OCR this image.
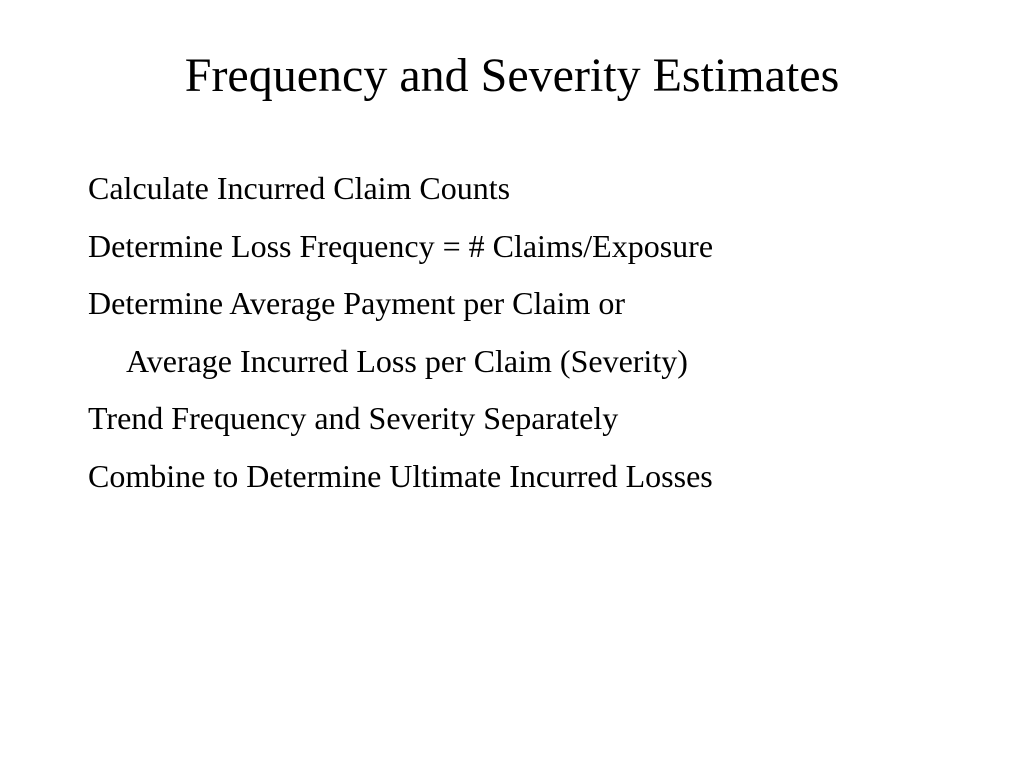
Frequency and Severity Estimates
Calculate Incurred Claim Counts
Determine Loss Frequency = # Claims/Exposure
Determine Average Payment per Claim or
Average Incurred Loss per Claim (Severity)
Trend Frequency and Severity Separately
Combine to Determine Ultimate Incurred Losses
